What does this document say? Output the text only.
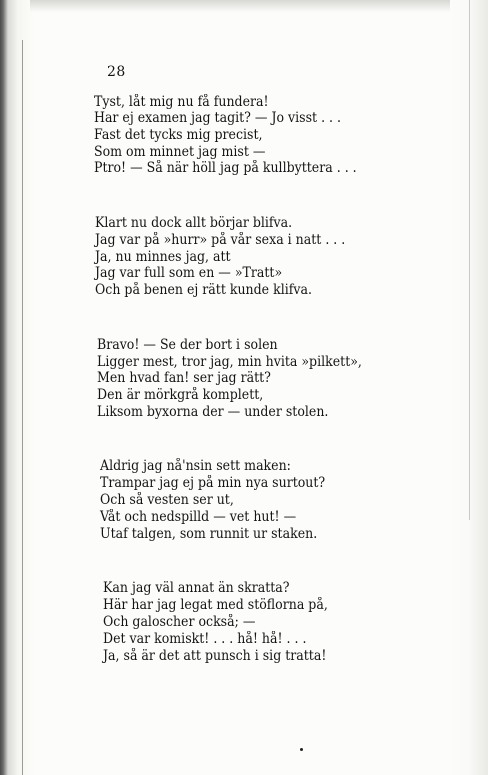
28
Tyst, låt mig nu få fundera!
Har ej examen jag tagit? — Jo visst . . .
Fast det tycks mig precist,
Som om minnet jag mist —
Ptro! — Så när höll jag på kullbyttera . . .
Klart nu dock allt börjar blifva.
Jag var på »hurr» på vår sexa i natt . . .
Ja, nu minnes jag, att
Jag var full som en — »Tratt»
Och på benen ej rätt kunde klifva.
Bravo! — Se der bort i solen
Ligger mest, tror jag, min hvita »pilkett»,
Men hvad fan! ser jag rätt?
Den är mörkgrå komplett,
Liksom byxorna der — under stolen.
Aldrig jag nå'nsin sett maken:
Trampar jag ej på min nya surtout?
Och så vesten ser ut,
Våt och nedspilld — vet hut! —
Utaf talgen, som runnit ur staken.
Kan jag väl annat än skratta?
Här har jag legat med stöflorna på,
Och galoscher också; —
Det var komiskt! . . . hå! hå! . . .
Ja, så är det att punsch i sig tratta!
